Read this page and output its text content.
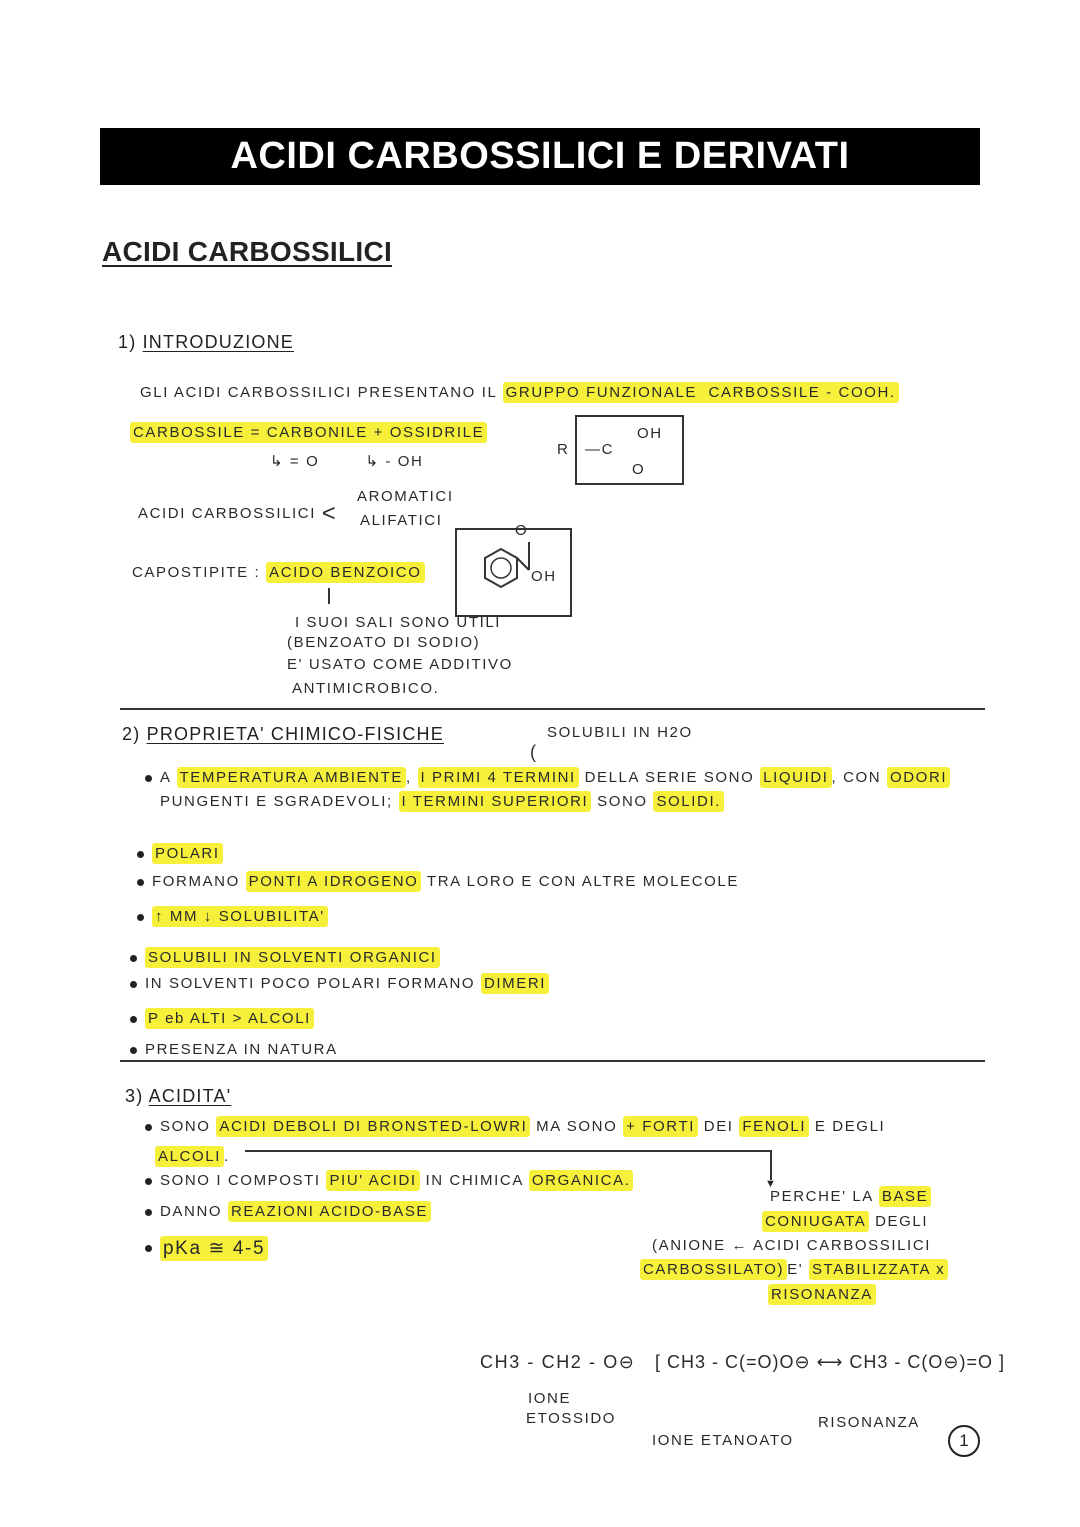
ACIDI CARBOSSILICI E DERIVATI
ACIDI CARBOSSILICI
1) INTRODUZIONE
GLI ACIDI CARBOSSILICI PRESENTANO IL GRUPPO FUNZIONALE  CARBOSSILE - COOH.
CARBOSSILE = CARBONILE + OSSIDRILE
↳ = O        ↳ - OH
R —C
OH
O
ACIDI CARBOSSILICI <
AROMATICI
ALIFATICI
CAPOSTIPITE : ACIDO BENZOICO
O
OH
I SUOI SALI SONO UTILI
(BENZOATO DI SODIO)
E' USATO COME ADDITIVO
ANTIMICROBICO.
2) PROPRIETA' CHIMICO-FISICHE	SOLUBILI IN H2O
(
A TEMPERATURA AMBIENTE , I PRIMI 4 TERMINI DELLA SERIE SONO LIQUIDI , CON ODORI
PUNGENTI E SGRADEVOLI; I TERMINI SUPERIORI SONO SOLIDI.
POLARI
FORMANO PONTI A IDROGENO TRA LORO E CON ALTRE MOLECOLE
↑ MM ↓ SOLUBILITA'
SOLUBILI IN SOLVENTI ORGANICI
IN SOLVENTI POCO POLARI FORMANO DIMERI
P eb ALTI > ALCOLI
PRESENZA IN NATURA
3) ACIDITA'
SONO ACIDI DEBOLI DI BRONSTED-LOWRI MA SONO + FORTI DEI FENOLI E DEGLI
ALCOLI .
▼
SONO I COMPOSTI PIU' ACIDI IN CHIMICA ORGANICA.
DANNO REAZIONI ACIDO-BASE
pKa ≅ 4-5
PERCHE' LA BASE
CONIUGATA DEGLI
(ANIONE ← ACIDI CARBOSSILICI
CARBOSSILATO) E' STABILIZZATA x
RISONANZA
CH3 - CH2 - O⊖
IONE
ETOSSIDO
[ CH3 - C(=O)O⊖ ⟷ CH3 - C(O⊖)=O ]
IONE ETANOATO
RISONANZA
1
